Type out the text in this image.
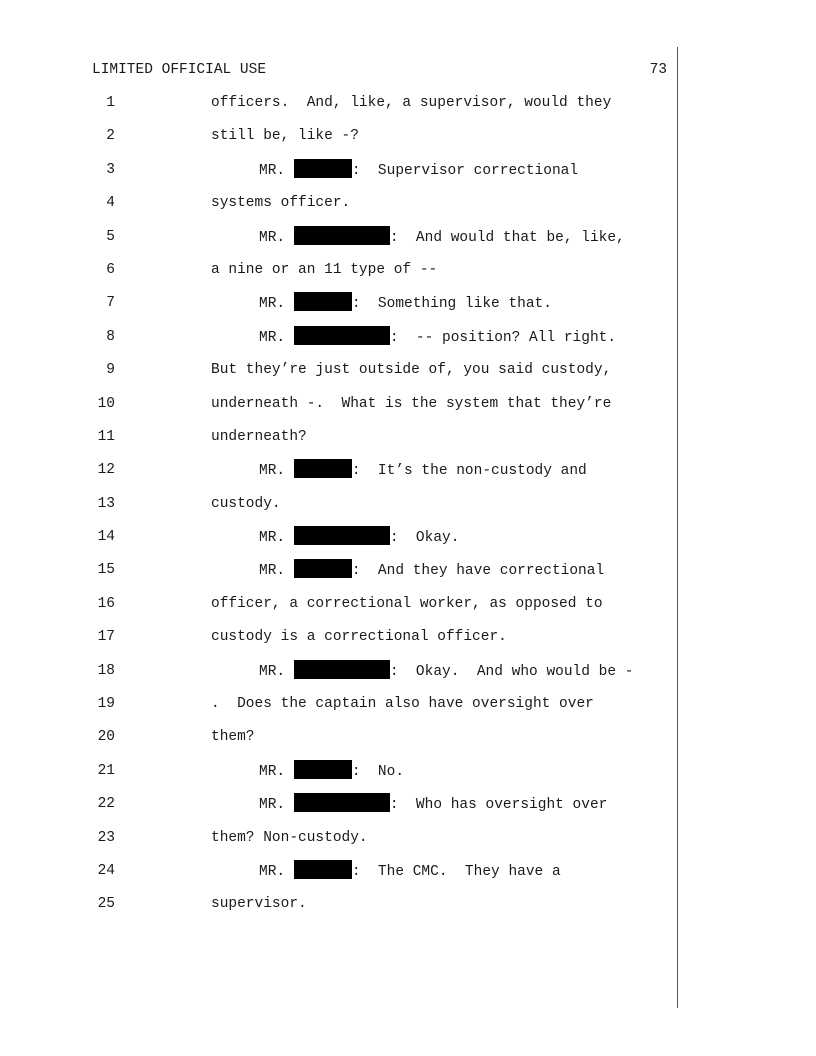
LIMITED OFFICIAL USE	73
1	officers.  And, like, a supervisor, would they
2	still be, like -?
3	MR.	:  Supervisor correctional
4	systems officer.
5	MR.	:  And would that be, like,
6	a nine or an 11 type of --
7	MR.	:  Something like that.
8	MR.	:  -- position? All right.
9	But they’re just outside of, you said custody,
10	underneath -.  What is the system that they’re
11	underneath?
12	MR.	:  It’s the non-custody and
13	custody.
14	MR.	:  Okay.
15	MR.	:  And they have correctional
16	officer, a correctional worker, as opposed to
17	custody is a correctional officer.
18	MR.	:  Okay.  And who would be -
19	.  Does the captain also have oversight over
20	them?
21	MR.	:  No.
22	MR.	:  Who has oversight over
23	them? Non-custody.
24	MR.	:  The CMC.  They have a
25	supervisor.
